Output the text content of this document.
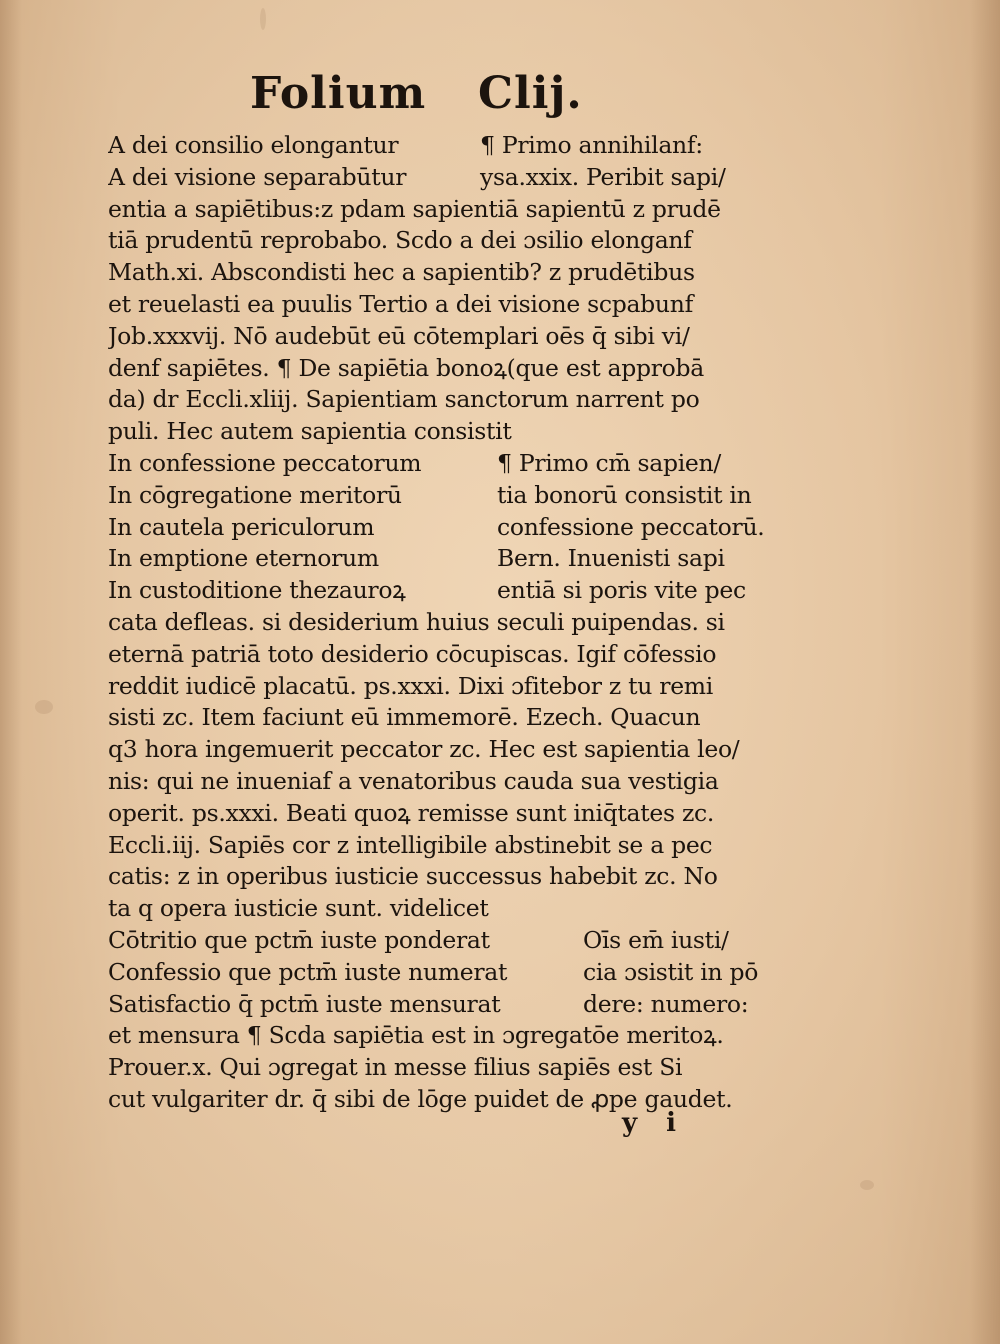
Folium Clij.
A dei consilio elongantur	¶ Primo annihilanf:
A dei visione separabūtur	ysa.xxix. Peribit sapi/
entia a sapiētibus:z pdam sapientiā sapientū z prudē
tiā prudentū reprobabo. Scdo a dei ɔsilio elonganf
Math.xi. Abscondisti hec a sapientib? z prudētibus
et reuelasti ea puulis Tertio a dei visione scpabunf
Job.xxxvij. Nō audebūt eū cōtemplari oēs q̄ sibi vi/
denf sapiētes. ¶ De sapiētia bonoꝝ(que est approbā
da) dr Eccli.xliij. Sapientiam sanctorum narrent po
puli. Hec autem sapientia consistit
In confessione peccatorum	¶ Primo cm̄ sapien/
In cōgregatione meritorū	tia bonorū consistit in
In cautela periculorum	confessione peccatorū.
In emptione eternorum	Bern. Inuenisti sapi
In custoditione thezauroꝝ	entiā si poris vite pec
cata defleas. si desiderium huius seculi puipendas. si
eternā patriā toto desiderio cōcupiscas. Igif cōfessio
reddit iudicē placatū. ps.xxxi. Dixi ɔfitebor z tu remi
sisti zc. Item faciunt eū immemorē. Ezech. Quacun
q3 hora ingemuerit peccator zc. Hec est sapientia leo/
nis: qui ne inueniaf a venatoribus cauda sua vestigia
operit. ps.xxxi. Beati quoꝝ remisse sunt iniq̄tates zc.
Eccli.iij. Sapiēs cor z intelligibile abstinebit se a pec
catis: z in operibus iusticie successus habebit zc. No
ta q opera iusticie sunt. videlicet
Cōtritio que pctm̄ iuste ponderat	Oīs em̄ iusti/
Confessio que pctm̄ iuste numerat	cia ɔsistit in pō
Satisfactio q̄ pctm̄ iuste mensurat	dere: numero:
et mensura ¶ Scda sapiētia est in ɔgregatōe meritoꝝ.
Prouer.x. Qui ɔgregat in messe filius sapiēs est Si
cut vulgariter dr. q̄ sibi de lōge puidet de ꝓpe gaudet.
y i
